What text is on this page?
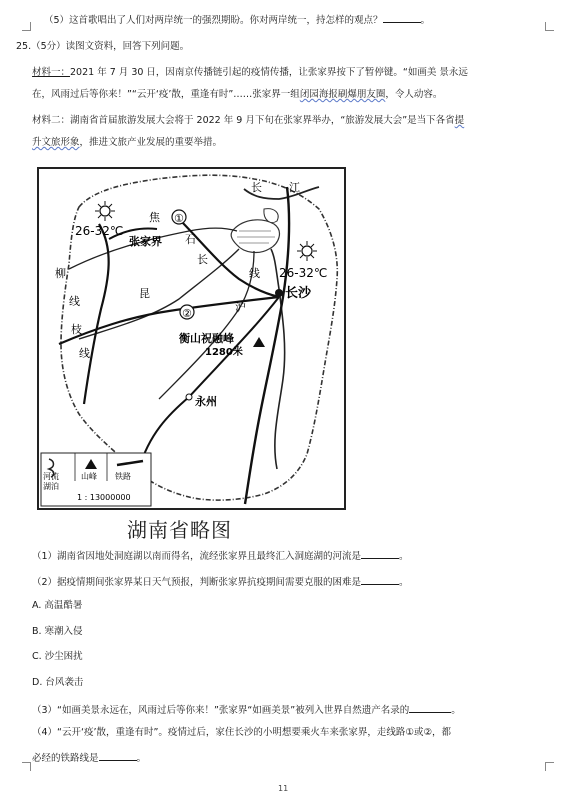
（5）这首歌唱出了人们对两岸统一的强烈期盼。你对两岸统一，持怎样的观点？	。
25.（5分）读图文资料，回答下列问题。
材料一：2021 年 7 月 30 日，因南京传播链引起的疫情传播，让张家界按下了暂停键。“如画美 景永远
在，风雨过后等你来！”“云开‘疫’散，重逢有时”……张家界一组闭园海报刷爆朋友圈，令人动容。
材料二：湖南省首届旅游发展大会将于 2022 年 9 月下旬在张家界举办，“旅游发展大会”是当下各省提
升文旅形象，推进文旅产业发展的重要举措。
26-32℃
26-32℃
张家界
长沙
永州
衡山祝融峰
1280米
①
②
焦
石
长
线
昆
沪
枝
柳
线
线
长 江
河流
湖泊
山峰 铁路
1 : 13000000
湖南省略图
（1）湖南省因地处洞庭湖以南而得名，流经张家界且最终汇入洞庭湖的河流是	。
（2）据疫情期间张家界某日天气预报，判断张家界抗疫期间需要克服的困难是	。
A. 高温酷暑
B. 寒潮入侵
C. 沙尘困扰
D. 台风袭击
（3）“如画美景永远在，风雨过后等你来！”张家界“如画美景”被列入世界自然遗产名录的	。
（4）“云开‘疫’散，重逢有时”。疫情过后，家住长沙的小明想要乘火车来张家界，走线路①或②，都
必经的铁路线是	。
11
